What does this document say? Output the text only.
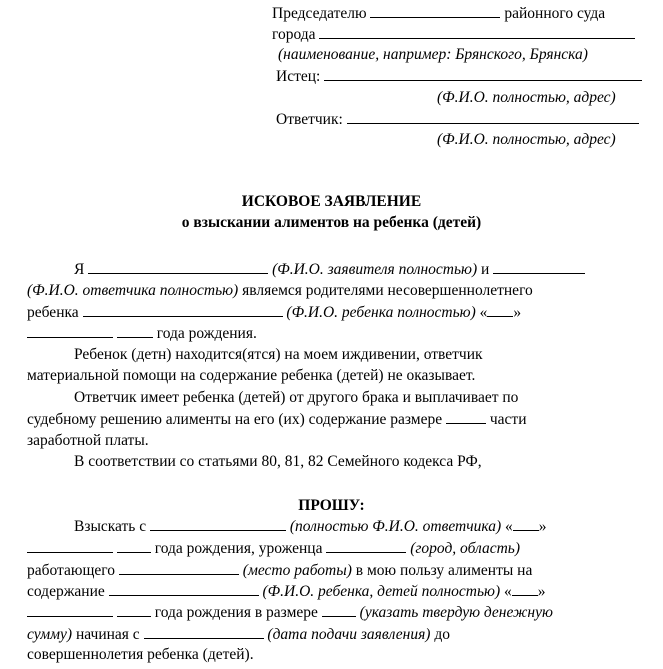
Председателю	районного суда
города
(наименование, например: Брянского, Брянска)
Истец:
(Ф.И.О. полностью, адрес)
Ответчик:
(Ф.И.О. полностью, адрес)
ИСКОВОЕ ЗАЯВЛЕНИЕ
о взыскании алиментов на ребенка (детей)
Я	(Ф.И.О. заявителя полностью) и
(Ф.И.О. ответчика полностью) являемся родителями несовершеннолетнего
ребенка	(Ф.И.О. ребенка полностью) « »
года рождения.
Ребенок (детн) находится(ятся) на моем иждивении, ответчик
материальной помощи на содержание ребенка (детей) не оказывает.
Ответчик имеет ребенка (детей) от другого брака и выплачивает по
судебному решению алименты на его (их) содержание размере	части
заработной платы.
В соответствии со статьями 80, 81, 82 Семейного кодекса РФ,
ПРОШУ:
Взыскать с	(полностью Ф.И.О. ответчика) « »
года рождения, уроженца	(город, область)
работающего	(место работы) в мою пользу алименты на
содержание	(Ф.И.О. ребенка, детей полностью) « »
года рождения в размере	(указать твердую денежную
сумму) начиная с	(дата подачи заявления) до
совершеннолетия ребенка (детей).
